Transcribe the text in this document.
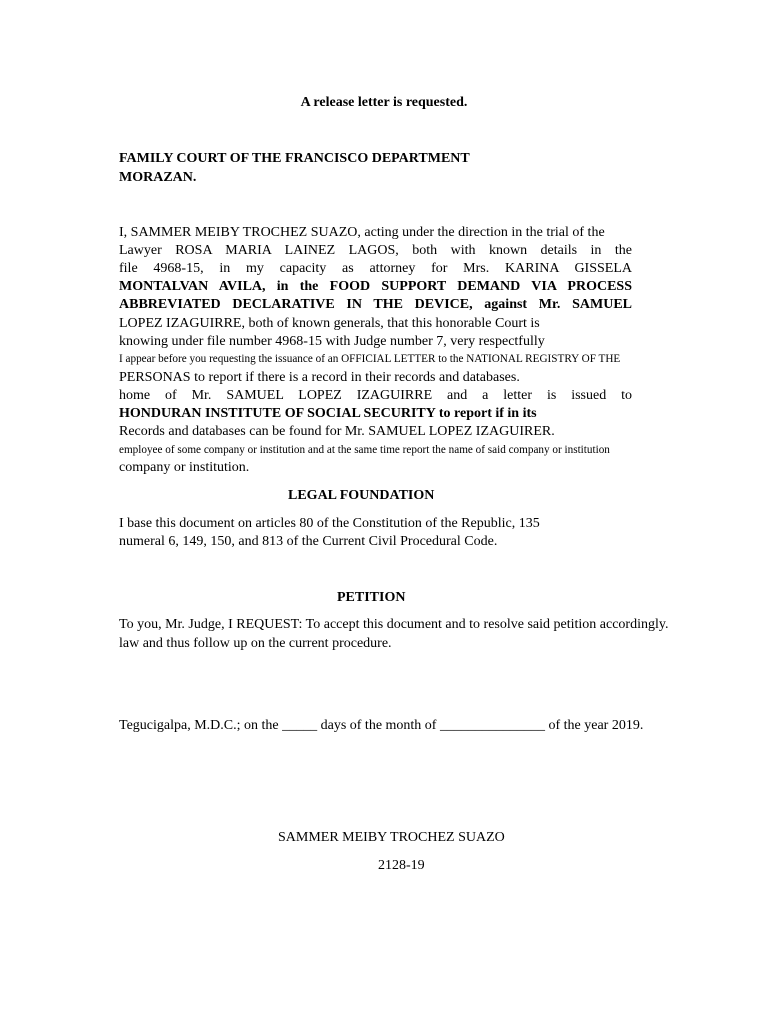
A release letter is requested.

FAMILY COURT OF THE FRANCISCO DEPARTMENT

MORAZAN.

I, SAMMER MEIBY TROCHEZ SUAZO, acting under the direction in the trial of the

Lawyer ROSA MARIA LAINEZ LAGOS, both with known details in the

file 4968-15, in my capacity as attorney for Mrs. KARINA GISSELA

MONTALVAN AVILA, in the FOOD SUPPORT DEMAND VIA PROCESS

ABBREVIATED DECLARATIVE IN THE DEVICE, against Mr. SAMUEL

LOPEZ IZAGUIRRE, both of known generals, that this honorable Court is

knowing under file number 4968-15 with Judge number 7, very respectfully

I appear before you requesting the issuance of an OFFICIAL LETTER to the NATIONAL REGISTRY OF THE

PERSONAS to report if there is a record in their records and databases.

home of Mr. SAMUEL LOPEZ IZAGUIRRE and a letter is issued to

HONDURAN INSTITUTE OF SOCIAL SECURITY to report if in its

Records and databases can be found for Mr. SAMUEL LOPEZ IZAGUIRER.

employee of some company or institution and at the same time report the name of said company or institution

company or institution.

LEGAL FOUNDATION

I base this document on articles 80 of the Constitution of the Republic, 135

numeral 6, 149, 150, and 813 of the Current Civil Procedural Code.

PETITION

To you, Mr. Judge, I REQUEST: To accept this document and to resolve said petition accordingly.

law and thus follow up on the current procedure.

Tegucigalpa, M.D.C.; on the _____ days of the month of _______________ of the year 2019.

SAMMER MEIBY TROCHEZ SUAZO

2128-19
